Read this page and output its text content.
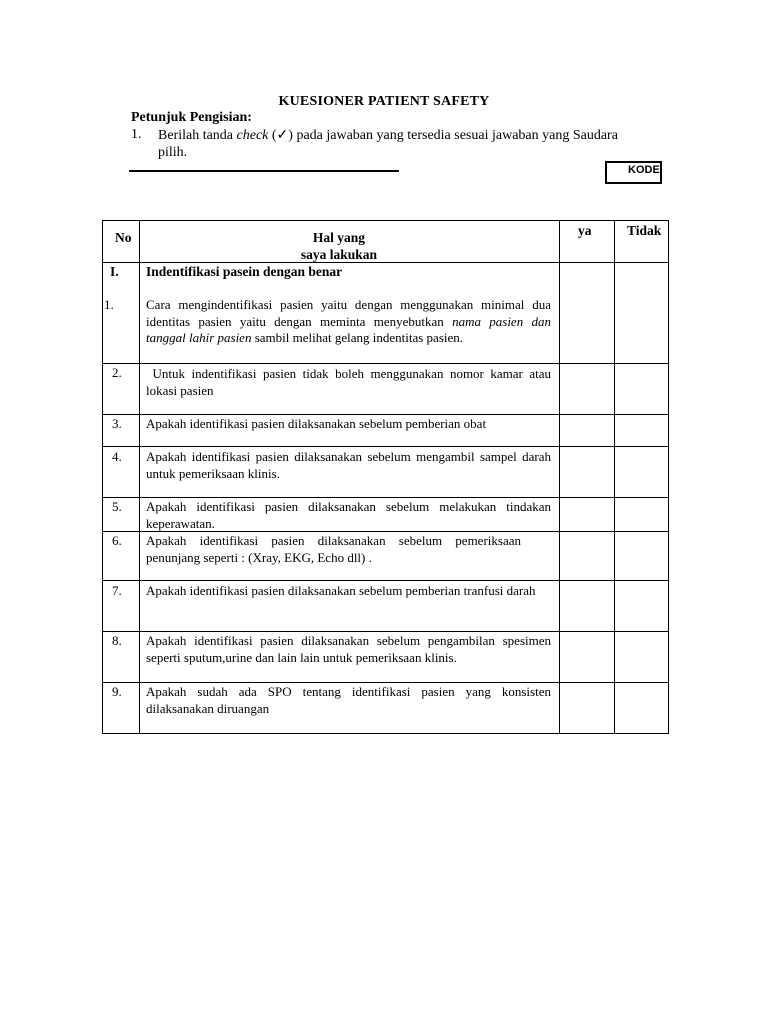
KUESIONER PATIENT SAFETY
Petunjuk Pengisian:
1. Berilah tanda check (✓) pada jawaban yang tersedia sesuai jawaban yang Saudara pilih.
KODE
No	Hal yang saya lakukan
ya	Tidak
I. Indentifikasi pasein dengan benar
1. Cara mengindentifikasi pasien yaitu dengan menggunakan minimal dua identitas pasien yaitu dengan meminta menyebutkan nama pasien dan tanggal lahir pasien sambil melihat gelang indentitas pasien.
2. Untuk indentifikasi pasien tidak boleh menggunakan nomor kamar atau lokasi pasien
3. Apakah identifikasi pasien dilaksanakan sebelum pemberian obat
4. Apakah identifikasi pasien dilaksanakan sebelum mengambil sampel darah untuk pemeriksaan klinis.
5. Apakah identifikasi pasien dilaksanakan sebelum melakukan tindakan keperawatan.
6. Apakah identifikasi pasien dilaksanakan sebelum pemeriksaan penunjang seperti : (Xray, EKG, Echo dll) .
7. Apakah identifikasi pasien dilaksanakan sebelum pemberian tranfusi darah
8. Apakah identifikasi pasien dilaksanakan sebelum pengambilan spesimen seperti sputum,urine dan lain lain untuk pemeriksaan klinis.
9. Apakah sudah ada SPO tentang identifikasi pasien yang konsisten dilaksanakan diruangan
